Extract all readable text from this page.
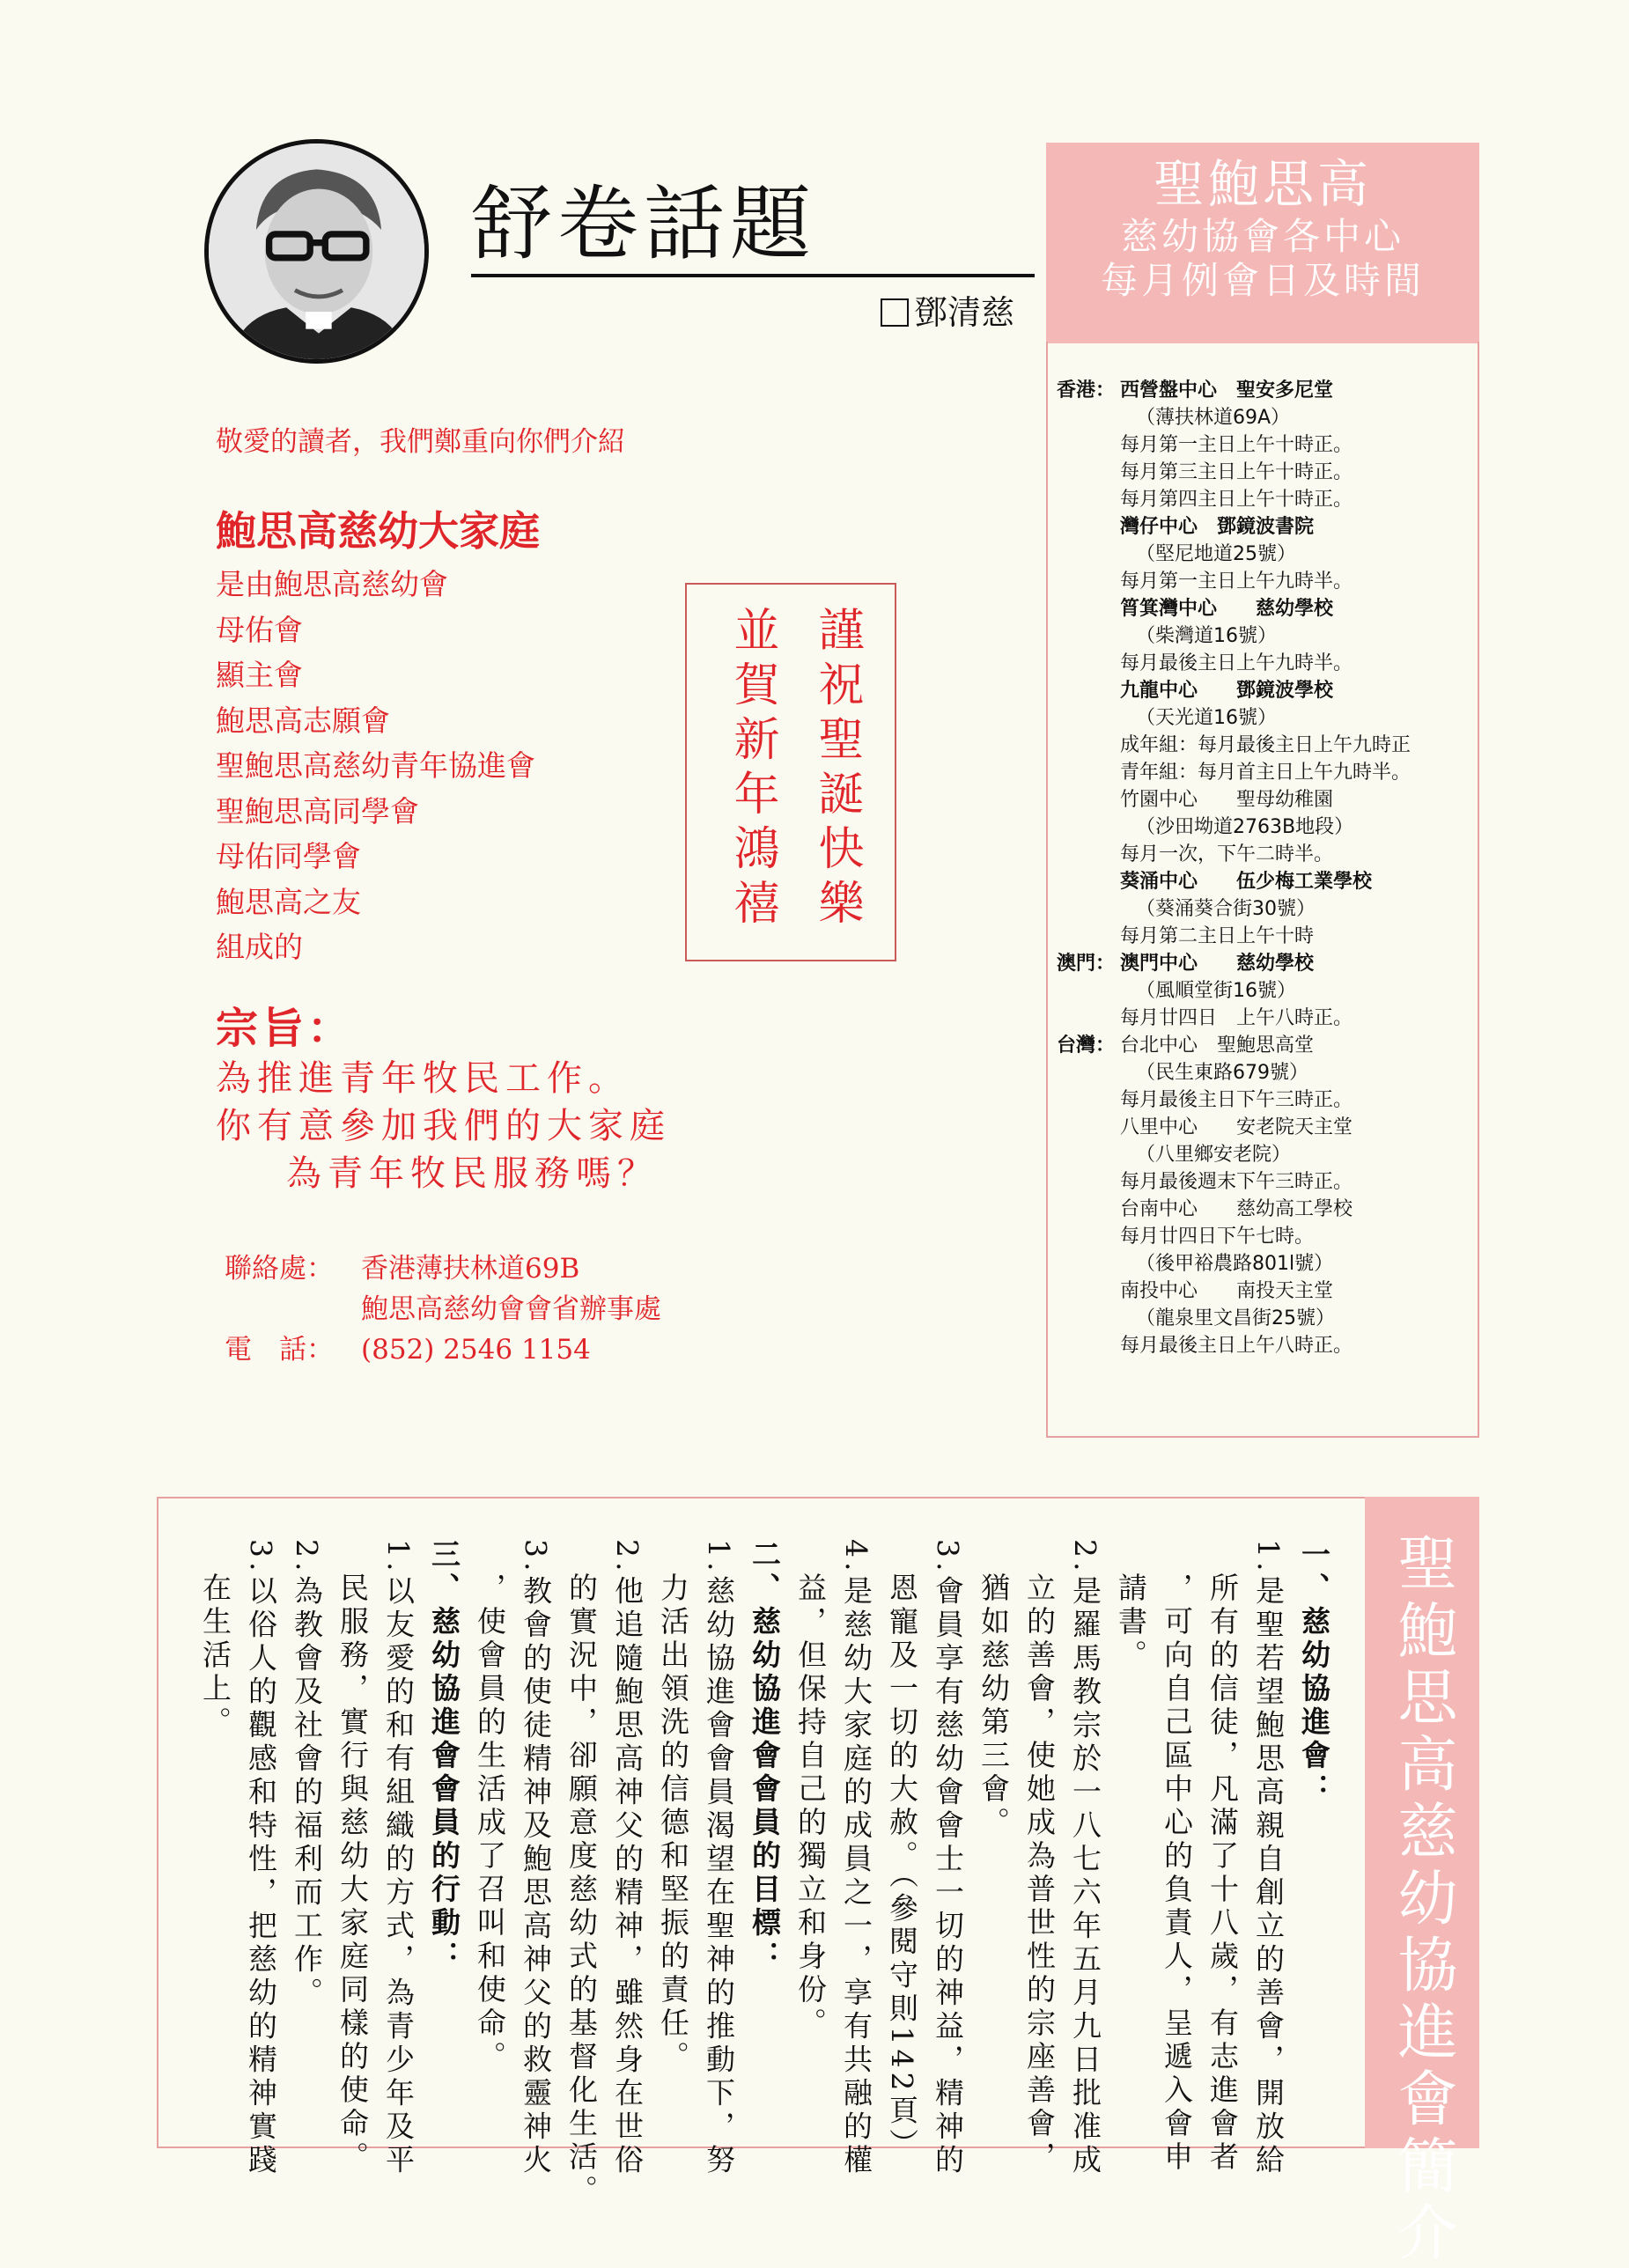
舒卷話題
鄧清慈
敬愛的讀者，我們鄭重向你們介紹
鮑思高慈幼大家庭
是由鮑思高慈幼會
母佑會
顯主會
鮑思高志願會
聖鮑思高慈幼青年協進會
聖鮑思高同學會
母佑同學會
鮑思高之友
組成的
宗旨：
為推進青年牧民工作。
你有意參加我們的大家庭
為青年牧民服務嗎？
聯絡處： 香港薄扶林道69B
鮑思高慈幼會會省辦事處
電　話： (852) 2546 1154
謹祝聖誕快樂
並賀新年鴻禧
聖鮑思高
慈幼協會各中心
每月例會日及時間
香港： 西營盤中心　聖安多尼堂
（薄扶林道69A）
每月第一主日上午十時正。
每月第三主日上午十時正。
每月第四主日上午十時正。
灣仔中心　鄧鏡波書院
（堅尼地道25號）
每月第一主日上午九時半。
筲箕灣中心　　慈幼學校
（柴灣道16號）
每月最後主日上午九時半。
九龍中心　　鄧鏡波學校
（天光道16號）
成年組：每月最後主日上午九時正
青年組：每月首主日上午九時半。
竹園中心　　聖母幼稚園
（沙田坳道2763B地段）
每月一次，下午二時半。
葵涌中心　　伍少梅工業學校
（葵涌葵合街30號）
每月第二主日上午十時
澳門： 澳門中心　　慈幼學校
（風順堂街16號）
每月廿四日　上午八時正。
台灣： 台北中心　聖鮑思高堂
（民生東路679號）
每月最後主日下午三時正。
八里中心　　安老院天主堂
（八里鄉安老院）
每月最後週末下午三時正。
台南中心　　慈幼高工學校
每月廿四日下午七時。
（後甲裕農路801l號）
南投中心　　南投天主堂
（龍泉里文昌街25號）
每月最後主日上午八時正。
聖鮑思高慈幼協進會簡介

一、慈幼協進會：

1.是聖若望鮑思高親自創立的善會，開放給

　所有的信徒，凡滿了十八歲，有志進會者

　，可向自己區中心的負責人，呈遞入會申

　請書。

2.是羅馬教宗於一八七六年五月九日批准成

　立的善會，使她成為普世性的宗座善會，

　猶如慈幼第三會。

3.會員享有慈幼會會士一切的神益，精神的

　恩寵及一切的大赦。（參閱守則142頁）

4.是慈幼大家庭的成員之一，享有共融的權

　益，但保持自己的獨立和身份。

二、慈幼協進會會員的目標：

1.慈幼協進會會員渴望在聖神的推動下，努

　力活出領洗的信德和堅振的責任。

2.他追隨鮑思高神父的精神，雖然身在世俗

　的實況中，卻願意度慈幼式的基督化生活。

3.教會的使徒精神及鮑思高神父的救靈神火

　，使會員的生活成了召叫和使命。

三、慈幼協進會會員的行動：

1.以友愛的和有組織的方式，為青少年及平

　民服務，實行與慈幼大家庭同樣的使命。

2.為教會及社會的福利而工作。

3.以俗人的觀感和特性，把慈幼的精神實踐

　在生活上。
